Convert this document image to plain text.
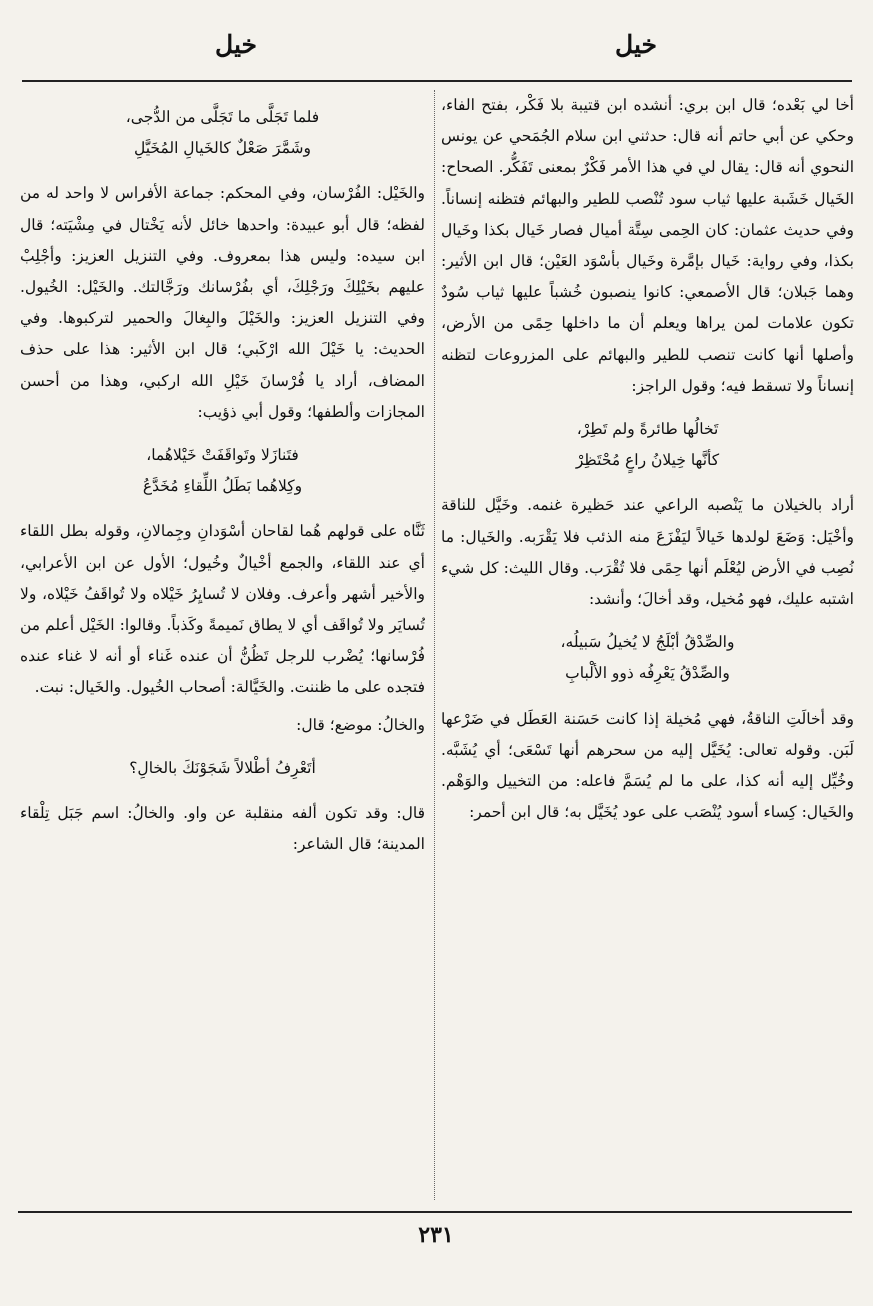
خيل
خيل

أخا لي بَعْده؛ قال ابن بري: أنشده ابن قتيبة بلا فَكْر، بفتح الفاء، وحكي عن أبي حاتم أنه قال: حدثني ابن سلام الجُمَحي عن يونس النحوي أنه قال: يقال لي في هذا الأمر فَكْرٌ بمعنى تَفَكُّر. الصحاح: الخَيال خَشَبة عليها ثياب سود تُنْصب للطير والبهائم فتظنه إنساناً. وفي حديث عثمان: كان الحِمى سِتَّة أميال فصار خَيال بكذا وخَيال بكذا، وفي رواية: خَيال بإمَّرة وخَيال بأسْوَد العَيْن؛ قال ابن الأثير: وهما جَبلان؛ قال الأصمعي: كانوا ينصبون خُشباً عليها ثياب سُودٌ تكون علامات لمن يراها ويعلم أن ما داخلها حِمًى من الأرض، وأصلها أنها كانت تنصب للطير والبهائم على المزروعات لتظنه إنساناً ولا تسقط فيه؛ وقول الراجز:

تَخالُها طائرةً ولم تَطِرْ،
كأنَّها خِيلانُ راعٍ مُحْتَظِرْ

أراد بالخيلان ما يَنْصبه الراعي عند حَظيرة غنمه. وخَيَّل للناقة وأخْيَل: وَضَعَ لولدها خَيالاً ليَفْزَعَ منه الذئب فلا يَقْرَبه. والخَيال: ما نُصِب في الأرض ليُعْلَم أنها حِمًى فلا تُقْرَب. وقال الليث: كل شيء اشتبه عليك، فهو مُخيل، وقد أخالَ؛ وأنشد:

والصِّدْقُ أبْلَجُ لا يُخيلُ سَبيلُه،
والصِّدْقُ يَعْرِفُه ذوو الألْبابِ

وقد أخالَتِ الناقةُ، فهي مُخيلة إذا كانت حَسَنة العَطَل في ضَرْعها لَبَن. وقوله تعالى: يُخَيَّل إليه من سحرهم أنها تَسْعَى؛ أي يُشَبَّه. وخُيِّل إليه أنه كذا، على ما لم يُسَمَّ فاعله: من التخييل والوَهْم. والخَيال: كِساء أسود يُنْصَب على عود يُخَيَّل به؛ قال ابن أحمر:

فلما تَجَلَّى ما تَجَلَّى من الدُّجى،
وشَمَّرَ صَعْلٌ كالخَيالِ المُخَيَّلِ

والخَيْل: الفُرْسان، وفي المحكم: جماعة الأفراس لا واحد له من لفظه؛ قال أبو عبيدة: واحدها خائل لأنه يَخْتال في مِشْيَته؛ قال ابن سيده: وليس هذا بمعروف. وفي التنزيل العزيز: وأجْلِبْ عليهم بخَيْلِكَ ورَجْلِكَ، أي بفُرْسانك ورَجَّالتك. والخَيْل: الخُيول. وفي التنزيل العزيز: والخَيْلَ والبِغالَ والحمير لتركبوها. وفي الحديث: يا خَيْلَ الله ارْكَبي؛ قال ابن الأثير: هذا على حذف المضاف، أراد يا فُرْسانَ خَيْلِ الله اركبي، وهذا من أحسن المجازات وألطفها؛ وقول أبي ذؤيب:

فتَنازَلا وتَواقَفَتْ خَيْلاهُما،
وكِلاهُما بَطَلُ اللِّقاءِ مُخَدَّعُ

ثَنَّاه على قولهم هُما لقاحان أسْوَدانِ وجِمالانِ، وقوله بطل اللقاء أي عند اللقاء، والجمع أخْيالٌ وخُيول؛ الأول عن ابن الأعرابي، والأخير أشهر وأعرف. وفلان لا تُسايِرُ خَيْلاه ولا تُواقَفُ خَيْلاه، ولا تُسايَر ولا تُواقَف أي لا يطاق نَميمةً وكَذباً. وقالوا: الخَيْل أعلم من فُرْسانها؛ يُضْرب للرجل تَظُنُّ أن عنده غَناء أو أنه لا غناء عنده فتجده على ما ظننت. والخَيَّالة: أصحاب الخُيول. والخَيال: نبت.

والخالُ: موضع؛ قال:

أتَعْرِفُ أطْلالاً شَجَوْنَكَ بالخالِ؟

قال: وقد تكون ألفه منقلبة عن واو. والخالُ: اسم جَبَل تِلْقاء المدينة؛ قال الشاعر:

٢٣١
